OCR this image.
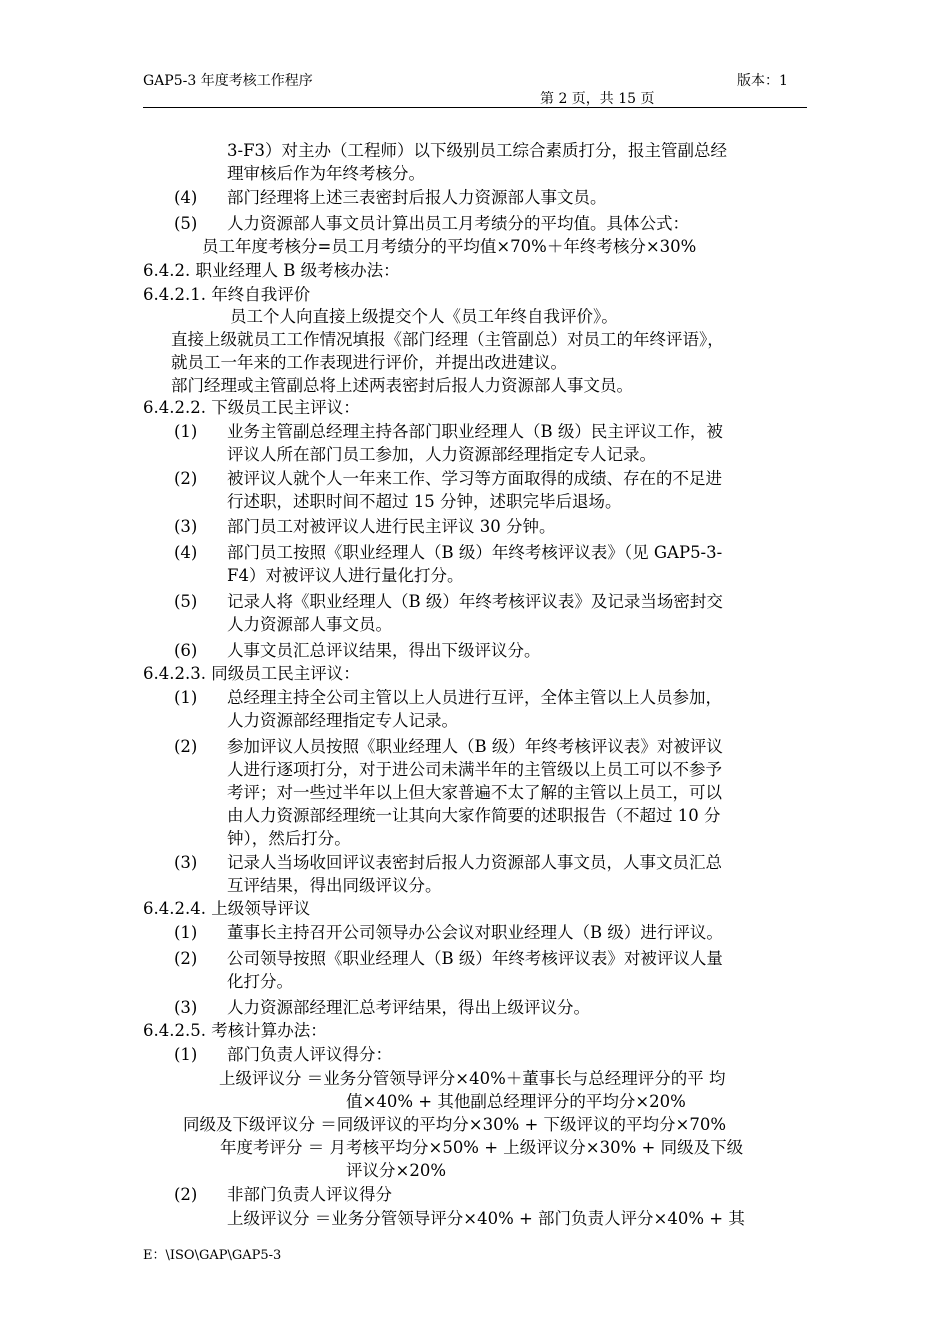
GAP5-3 年度考核工作程序	版本：1
第 2 页，共 15 页
3-F3）对主办（工程师）以下级别员工综合素质打分，报主管副总经
理审核后作为年终考核分。
(4) 部门经理将上述三表密封后报人力资源部人事文员。
(5) 人力资源部人事文员计算出员工月考绩分的平均值。具体公式：
员工年度考核分=员工月考绩分的平均值×70%＋年终考核分×30%
6.4.2. 职业经理人 B 级考核办法：
6.4.2.1. 年终自我评价
员工个人向直接上级提交个人《员工年终自我评价》。
直接上级就员工工作情况填报《部门经理（主管副总）对员工的年终评语》，
就员工一年来的工作表现进行评价，并提出改进建议。
部门经理或主管副总将上述两表密封后报人力资源部人事文员。
6.4.2.2. 下级员工民主评议：
(1) 业务主管副总经理主持各部门职业经理人（B 级）民主评议工作，被
评议人所在部门员工参加，人力资源部经理指定专人记录。
(2) 被评议人就个人一年来工作、学习等方面取得的成绩、存在的不足进
行述职，述职时间不超过 15 分钟，述职完毕后退场。
(3) 部门员工对被评议人进行民主评议 30 分钟。
(4) 部门员工按照《职业经理人（B 级）年终考核评议表》（见 GAP5-3-
F4）对被评议人进行量化打分。
(5) 记录人将《职业经理人（B 级）年终考核评议表》及记录当场密封交
人力资源部人事文员。
(6) 人事文员汇总评议结果，得出下级评议分。
6.4.2.3. 同级员工民主评议：
(1) 总经理主持全公司主管以上人员进行互评，全体主管以上人员参加，
人力资源部经理指定专人记录。
(2) 参加评议人员按照《职业经理人（B 级）年终考核评议表》对被评议
人进行逐项打分，对于进公司未满半年的主管级以上员工可以不参予
考评；对一些过半年以上但大家普遍不太了解的主管以上员工，可以
由人力资源部经理统一让其向大家作简要的述职报告（不超过 10 分
钟），然后打分。
(3) 记录人当场收回评议表密封后报人力资源部人事文员，人事文员汇总
互评结果，得出同级评议分。
6.4.2.4. 上级领导评议
(1) 董事长主持召开公司领导办公会议对职业经理人（B 级）进行评议。
(2) 公司领导按照《职业经理人（B 级）年终考核评议表》对被评议人量
化打分。
(3) 人力资源部经理汇总考评结果，得出上级评议分。
6.4.2.5. 考核计算办法：
(1) 部门负责人评议得分：
上级评议分 ＝业务分管领导评分×40%＋董事长与总经理评分的平 均
值×40% + 其他副总经理评分的平均分×20%
同级及下级评议分 ＝同级评议的平均分×30% + 下级评议的平均分×70%
年度考评分 ＝ 月考核平均分×50% + 上级评议分×30% + 同级及下级
评议分×20%
(2) 非部门负责人评议得分
上级评议分 ＝业务分管领导评分×40% + 部门负责人评分×40% + 其
E：\ISO\GAP\GAP5-3
